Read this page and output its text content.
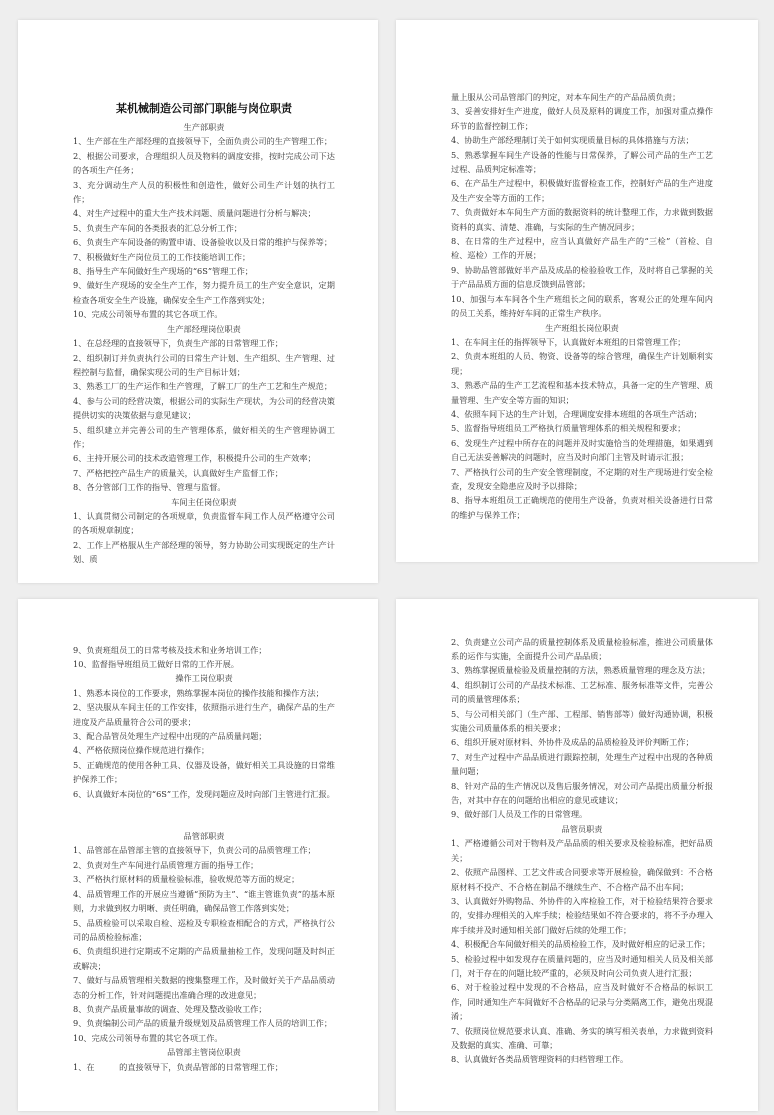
某机械制造公司部门职能与岗位职责
生产部职责
1、生产部在生产部经理的直接领导下，全面负责公司的生产管理工作；
2、根据公司要求，合理组织人员及物料的调度安排，按时完成公司下达的各项生产任务；
3、充分调动生产人员的积极性和创造性，做好公司生产计划的执行工作；
4、对生产过程中的重大生产技术问题、质量问题进行分析与解决；
5、负责生产车间的各类报表的汇总分析工作；
6、负责生产车间设备的购置申请、设备验收以及日常的维护与保养等；
7、积极做好生产岗位员工的工作技能培训工作；
8、指导生产车间做好生产现场的“6S”管理工作；
9、做好生产现场的安全生产工作，努力提升员工的生产安全意识，定期检查各项安全生产设施，确保安全生产工作落到实处；
10、完成公司领导布置的其它各项工作。
生产部经理岗位职责
1、在总经理的直接领导下，负责生产部的日常管理工作；
2、组织制订并负责执行公司的日常生产计划、生产组织、生产管理、过程控制与监督，确保实现公司的生产目标计划；
3、熟悉工厂的生产运作和生产管理，了解工厂的生产工艺和生产规范；
4、参与公司的经营决策，根据公司的实际生产现状，为公司的经营决策提供切实的决策依据与意见建议；
5、组织建立并完善公司的生产管理体系，做好相关的生产管理协调工作；
6、主持开展公司的技术改造管理工作，积极提升公司的生产效率；
7、严格把控产品生产的质量关，认真做好生产监督工作；
8、各分管部门工作的指导、管理与监督。
车间主任岗位职责
1、认真贯彻公司制定的各项规章，负责监督车间工作人员严格遵守公司的各项规章制度；
2、工作上严格服从生产部经理的领导，努力协助公司实现既定的生产计划、质
量上服从公司品管部门的判定，对本车间生产的产品品质负责；
3、妥善安排好生产进度，做好人员及原料的调度工作，加强对重点操作环节的监督控制工作；
4、协助生产部经理制订关于如何实现质量目标的具体措施与方法；
5、熟悉掌握车间生产设备的性能与日常保养，了解公司产品的生产工艺过程、品质判定标准等；
6、在产品生产过程中，积极做好监督检查工作，控制好产品的生产进度及生产安全等方面的工作；
7、负责做好本车间生产方面的数据资料的统计整理工作，力求做到数据资料的真实、清楚、准确，与实际的生产情况同步；
8、在日常的生产过程中，应当认真做好产品生产的“三检”（首检、自检、巡检）工作的开展；
9、协助品管部做好半产品及成品的检验验收工作，及时将自己掌握的关于产品品质方面的信息反馈到品管部；
10、加强与本车间各个生产班组长之间的联系，客观公正的处理车间内的员工关系，维持好车间的正常生产秩序。
生产班组长岗位职责
1、在车间主任的指挥领导下，认真做好本班组的日常管理工作；
2、负责本班组的人员、物资、设备等的综合管理，确保生产计划顺利实现；
3、熟悉产品的生产工艺流程和基本技术特点，具备一定的生产管理、质量管理、生产安全等方面的知识；
4、依照车间下达的生产计划，合理调度安排本班组的各项生产活动；
5、监督指导班组员工严格执行质量管理体系的相关规程和要求；
6、发现生产过程中所存在的问题并及时实施恰当的处理措施，如果遇到自己无法妥善解决的问题时，应当及时向部门主管及时请示汇报；
7、严格执行公司的生产安全管理制度，不定期的对生产现场进行安全检查，发现安全隐患应及时予以排除；
8、指导本班组员工正确规范的使用生产设备，负责对相关设备进行日常的维护与保养工作；
9、负责班组员工的日常考核及技术和业务培训工作；
10、监督指导班组员工做好日常的工作开展。
操作工岗位职责
1、熟悉本岗位的工作要求，熟练掌握本岗位的操作技能和操作方法；
2、坚决服从车间主任的工作安排，依照指示进行生产，确保产品的生产进度及产品质量符合公司的要求；
3、配合品管员处理生产过程中出现的产品质量问题；
4、严格依照岗位操作规范进行操作；
5、正确规范的使用各种工具、仪器及设备，做好相关工具设施的日常维护保养工作；
6、认真做好本岗位的“6S”工作，发现问题应及时向部门主管进行汇报。
品管部职责
1、品管部在品管部主管的直接领导下，负责公司的品质管理工作；
2、负责对生产车间进行品质管理方面的指导工作；
3、严格执行原材料的质量检验标准，验收规范等方面的规定；
4、品质管理工作的开展应当遵循“预防为主”、“谁主管谁负责”的基本原则，力求做到权力明晰、责任明确，确保品管工作落到实处；
5、品质检验可以采取自检、巡检及专职检查相配合的方式，严格执行公司的品质检验标准；
6、负责组织进行定期或不定期的产品质量抽检工作，发现问题及时纠正或解决；
7、做好与品质管理相关数据的搜集整理工作，及时做好关于产品品质动态的分析工作，针对问题提出准确合理的改进意见；
8、负责产品质量事故的调查、处理及整改验收工作；
9、负责编制公司产品的质量升级规划及品质管理工作人员的培训工作；
10、完成公司领导布置的其它各项工作。
品管部主管岗位职责
1、在　　　的直接领导下，负责品管部的日常管理工作；
2、负责建立公司产品的质量控制体系及质量检验标准，推进公司质量体系的运作与实施，全面提升公司产品品质；
3、熟练掌握质量检验及质量控制的方法，熟悉质量管理的理念及方法；
4、组织制订公司的产品技术标准、工艺标准、服务标准等文件，完善公司的质量管理体系；
5、与公司相关部门（生产部、工程部、销售部等）做好沟通协调，积极实施公司质量体系的相关要求；
6、组织开展对原材料、外协件及成品的品质检验及评价判断工作；
7、对生产过程中产品品质进行跟踪控制，处理生产过程中出现的各种质量问题；
8、针对产品的生产情况以及售后服务情况，对公司产品提出质量分析报告，对其中存在的问题给出相应的意见或建议；
9、做好部门人员及工作的日常管理。
品管员职责
1、严格遵循公司对于物料及产品品质的相关要求及检验标准，把好品质关；
2、依照产品图样、工艺文件或合同要求等开展检验，确保做到：不合格原材料不投产、不合格在制品不继续生产、不合格产品不出车间；
3、认真做好外购物品、外协件的入库检验工作，对于检验结果符合要求的，安排办理相关的入库手续；检验结果如不符合要求的，将不予办理入库手续并及时通知相关部门做好后续的处理工作；
4、积极配合车间做好相关的品质检验工作，及时做好相应的记录工作；
5、检验过程中如发现存在质量问题的，应当及时通知相关人员及相关部门，对于存在的问题比较严重的，必须及时向公司负责人进行汇报；
6、对于检验过程中发现的不合格品，应当及时做好不合格品的标识工作，同时通知生产车间做好不合格品的记录与分类隔离工作，避免出现混淆；
7、依照岗位规范要求认真、准确、务实的填写相关表单，力求做到资料及数据的真实、准确、可靠；
8、认真做好各类品质管理资料的归档管理工作。
